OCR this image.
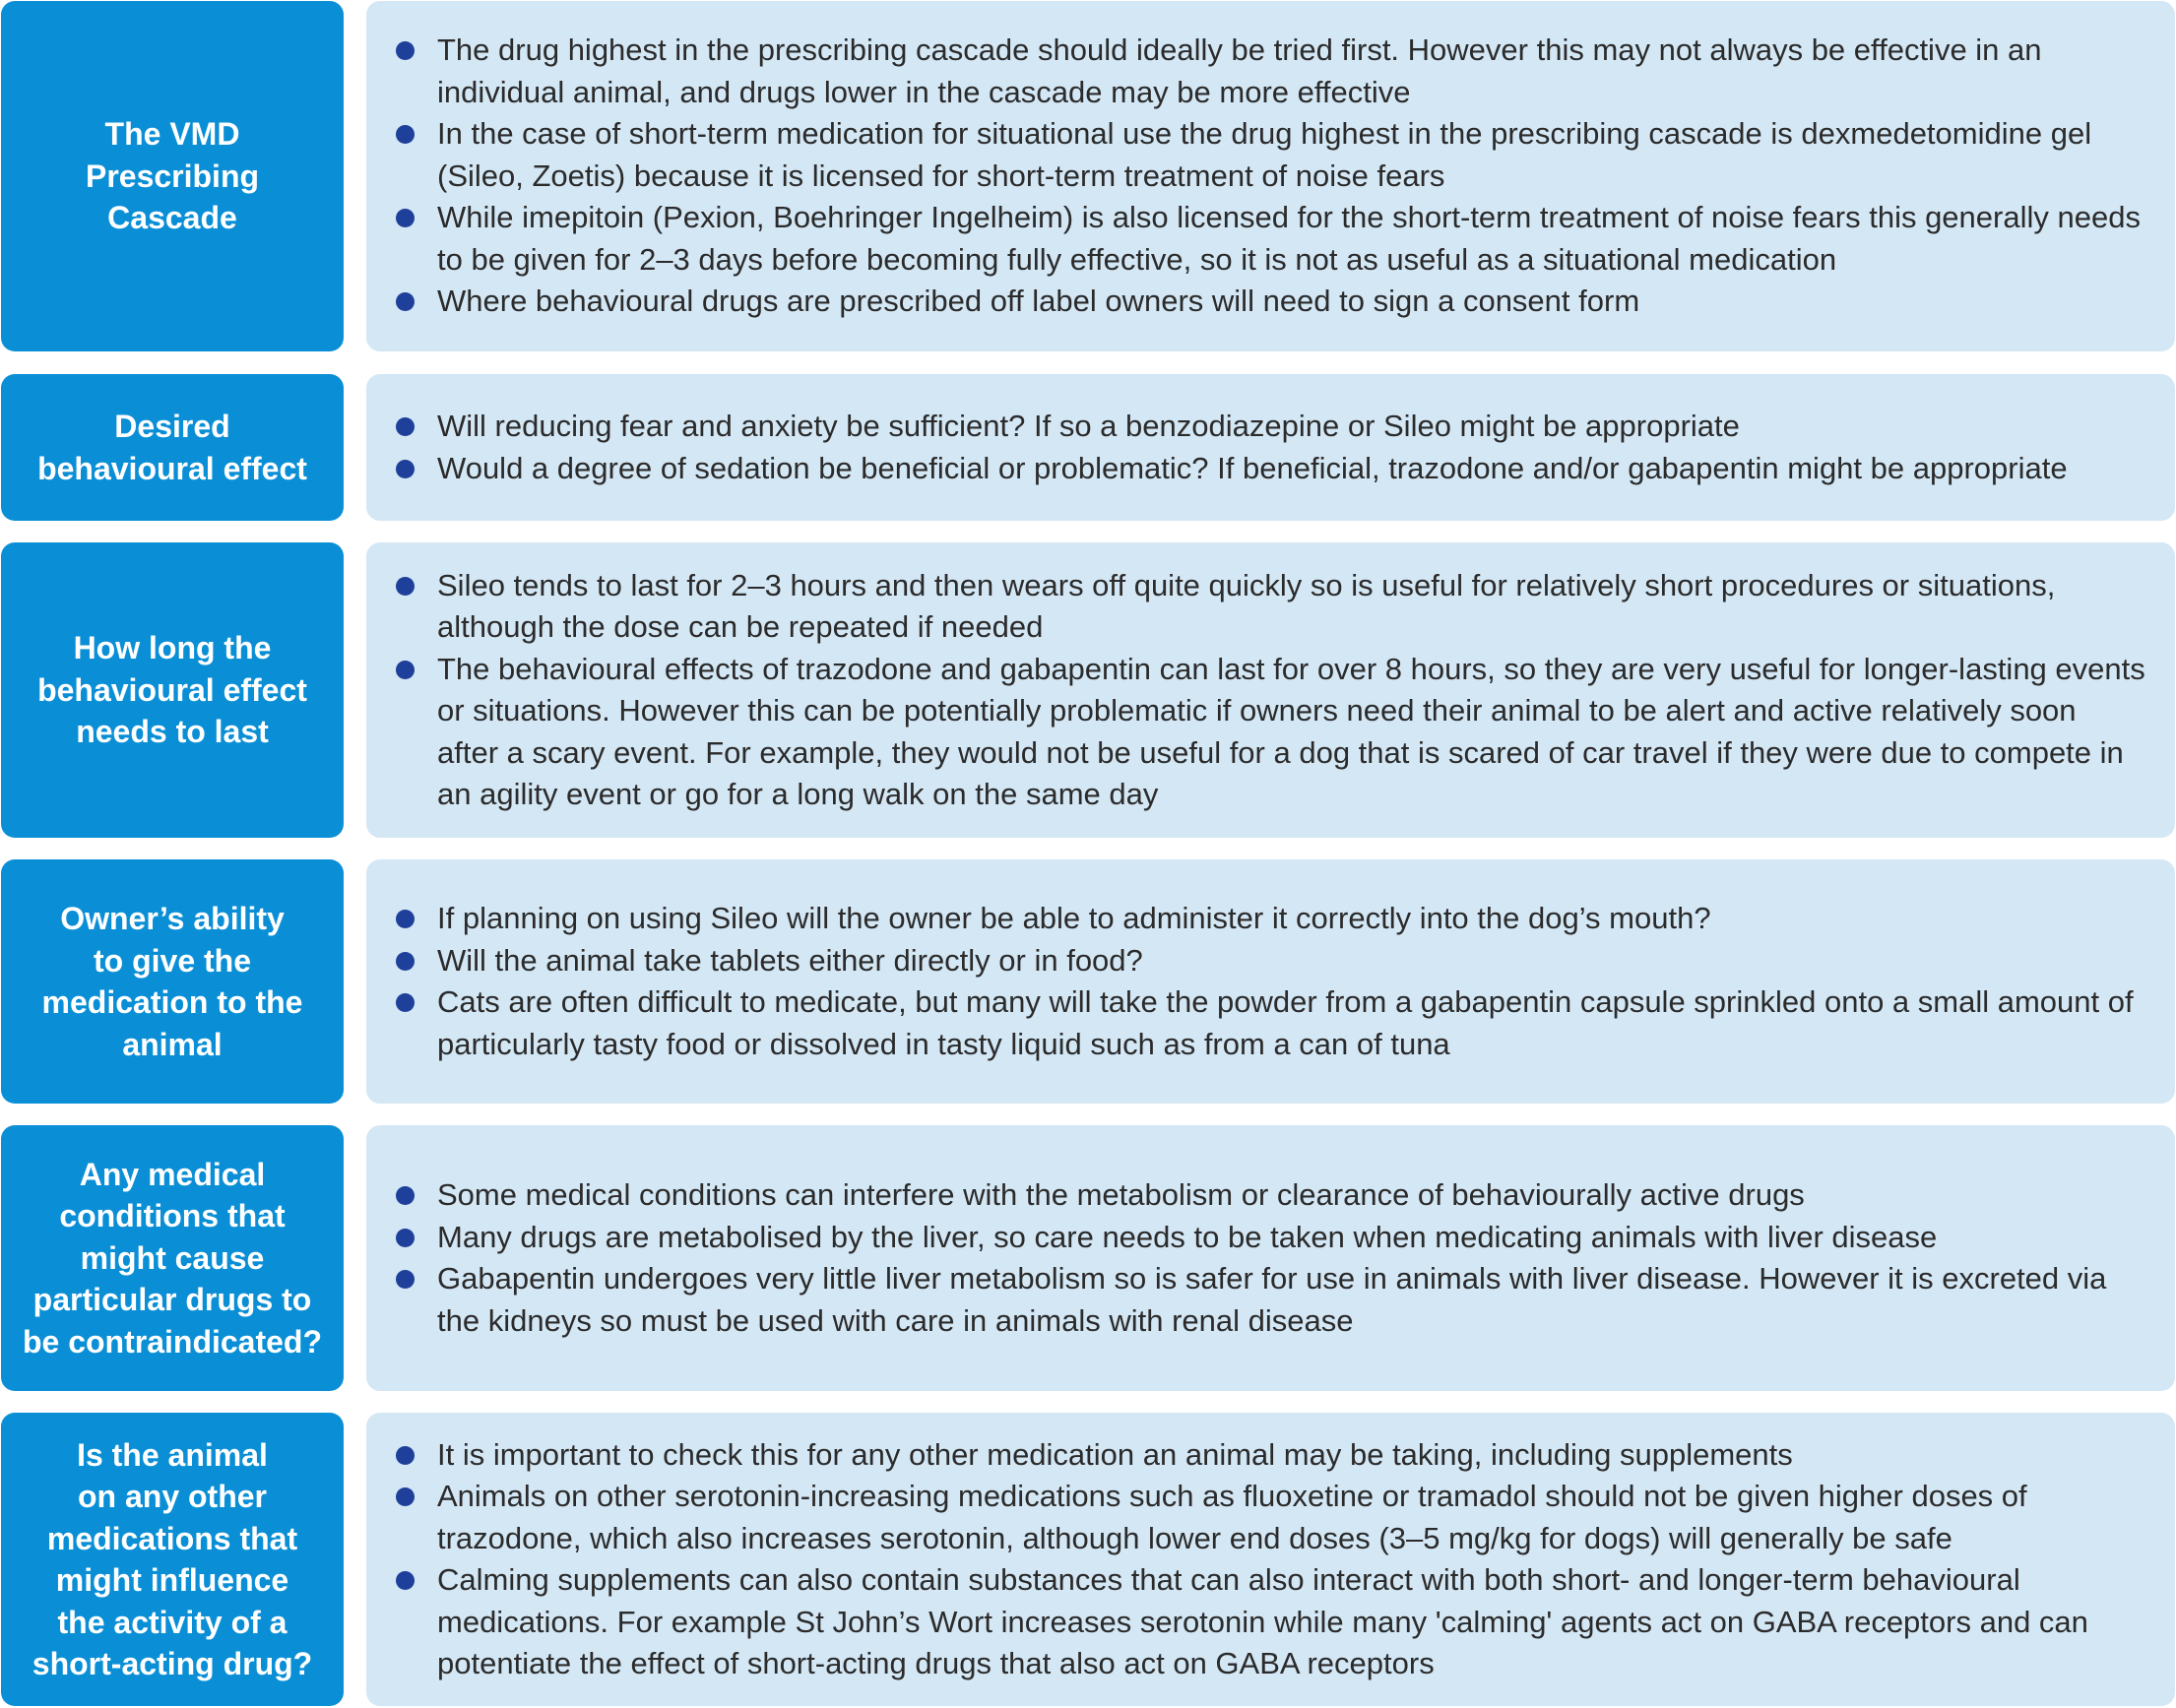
The VMD
Prescribing
Cascade
The drug highest in the prescribing cascade should ideally be tried first. However this may not always be effective in an individual animal, and drugs lower in the cascade may be more effective
In the case of short-term medication for situational use the drug highest in the prescribing cascade is dexmedetomidine gel (Sileo, Zoetis) because it is licensed for short-term treatment of noise fears
While imepitoin (Pexion, Boehringer Ingelheim) is also licensed for the short-term treatment of noise fears this generally needs to be given for 2–3 days before becoming fully effective, so it is not as useful as a situational medication
Where behavioural drugs are prescribed off label owners will need to sign a consent form
Desired
behavioural effect
Will reducing fear and anxiety be sufficient? If so a benzodiazepine or Sileo might be appropriate
Would a degree of sedation be beneficial or problematic? If beneficial, trazodone and/or gabapentin might be appropriate
How long the
behavioural effect
needs to last
Sileo tends to last for 2–3 hours and then wears off quite quickly so is useful for relatively short procedures or situations, although the dose can be repeated if needed
The behavioural effects of trazodone and gabapentin can last for over 8 hours, so they are very useful for longer-lasting events or situations. However this can be potentially problematic if owners need their animal to be alert and active relatively soon after a scary event. For example, they would not be useful for a dog that is scared of car travel if they were due to compete in an agility event or go for a long walk on the same day
Owner’s ability
to give the
medication to the
animal
If planning on using Sileo will the owner be able to administer it correctly into the dog’s mouth?
Will the animal take tablets either directly or in food?
Cats are often difficult to medicate, but many will take the powder from a gabapentin capsule sprinkled onto a small amount of particularly tasty food or dissolved in tasty liquid such as from a can of tuna
Any medical
conditions that
might cause
particular drugs to
be contraindicated?
Some medical conditions can interfere with the metabolism or clearance of behaviourally active drugs
Many drugs are metabolised by the liver, so care needs to be taken when medicating animals with liver disease
Gabapentin undergoes very little liver metabolism so is safer for use in animals with liver disease. However it is excreted via the kidneys so must be used with care in animals with renal disease
Is the animal
on any other
medications that
might influence
the activity of a
short-acting drug?
It is important to check this for any other medication an animal may be taking, including supplements
Animals on other serotonin-increasing medications such as fluoxetine or tramadol should not be given higher doses of trazodone, which also increases serotonin, although lower end doses (3–5 mg/kg for dogs) will generally be safe
Calming supplements can also contain substances that can also interact with both short- and longer-term behavioural medications. For example St John’s Wort increases serotonin while many 'calming' agents act on GABA receptors and can potentiate the effect of short-acting drugs that also act on GABA receptors
